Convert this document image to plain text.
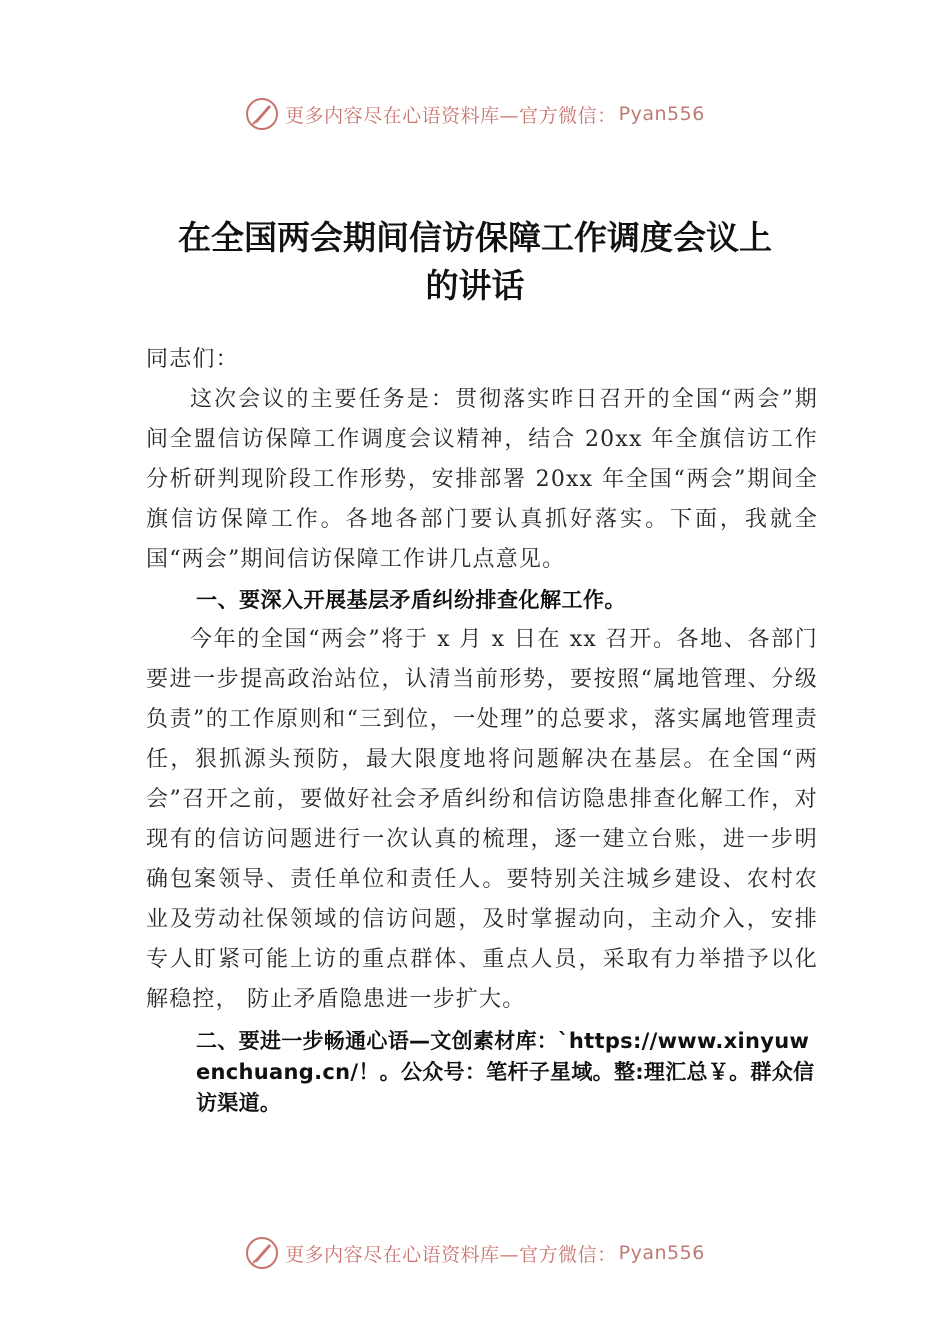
更多内容尽在心语资料库—官方微信： Pyan556
在全国两会期间信访保障工作调度会议上
的讲话

同志们：

这次会议的主要任务是：贯彻落实昨日召开的全国“两会”期间全盟信访保障工作调度会议精神，结合 20xx 年全旗信访工作分析研判现阶段工作形势，安排部署 20xx 年全国“两会”期间全旗信访保障工作。各地各部门要认真抓好落实。下面，我就全国“两会”期间信访保障工作讲几点意见。

一、要深入开展基层矛盾纠纷排查化解工作。

今年的全国“两会”将于 x 月 x 日在 xx 召开。各地、各部门要进一步提高政治站位，认清当前形势，要按照“属地管理、分级负责”的工作原则和“三到位，一处理”的总要求，落实属地管理责任，狠抓源头预防，最大限度地将问题解决在基层。在全国“两会”召开之前，要做好社会矛盾纠纷和信访隐患排查化解工作，对现有的信访问题进行一次认真的梳理，逐一建立台账，进一步明确包案领导、责任单位和责任人。要特别关注城乡建设、农村农业及劳动社保领域的信访问题，及时掌握动向，主动介入，安排专人盯紧可能上访的重点群体、重点人员，采取有力举措予以化解稳控， 防止矛盾隐患进一步扩大。

二、要进一步畅通心语—文创素材库：`https://www.xinyuwenchuang.cn/！。公众号：笔杆子星域。整:理汇总￥。群众信访渠道。

更多内容尽在心语资料库—官方微信： Pyan556
